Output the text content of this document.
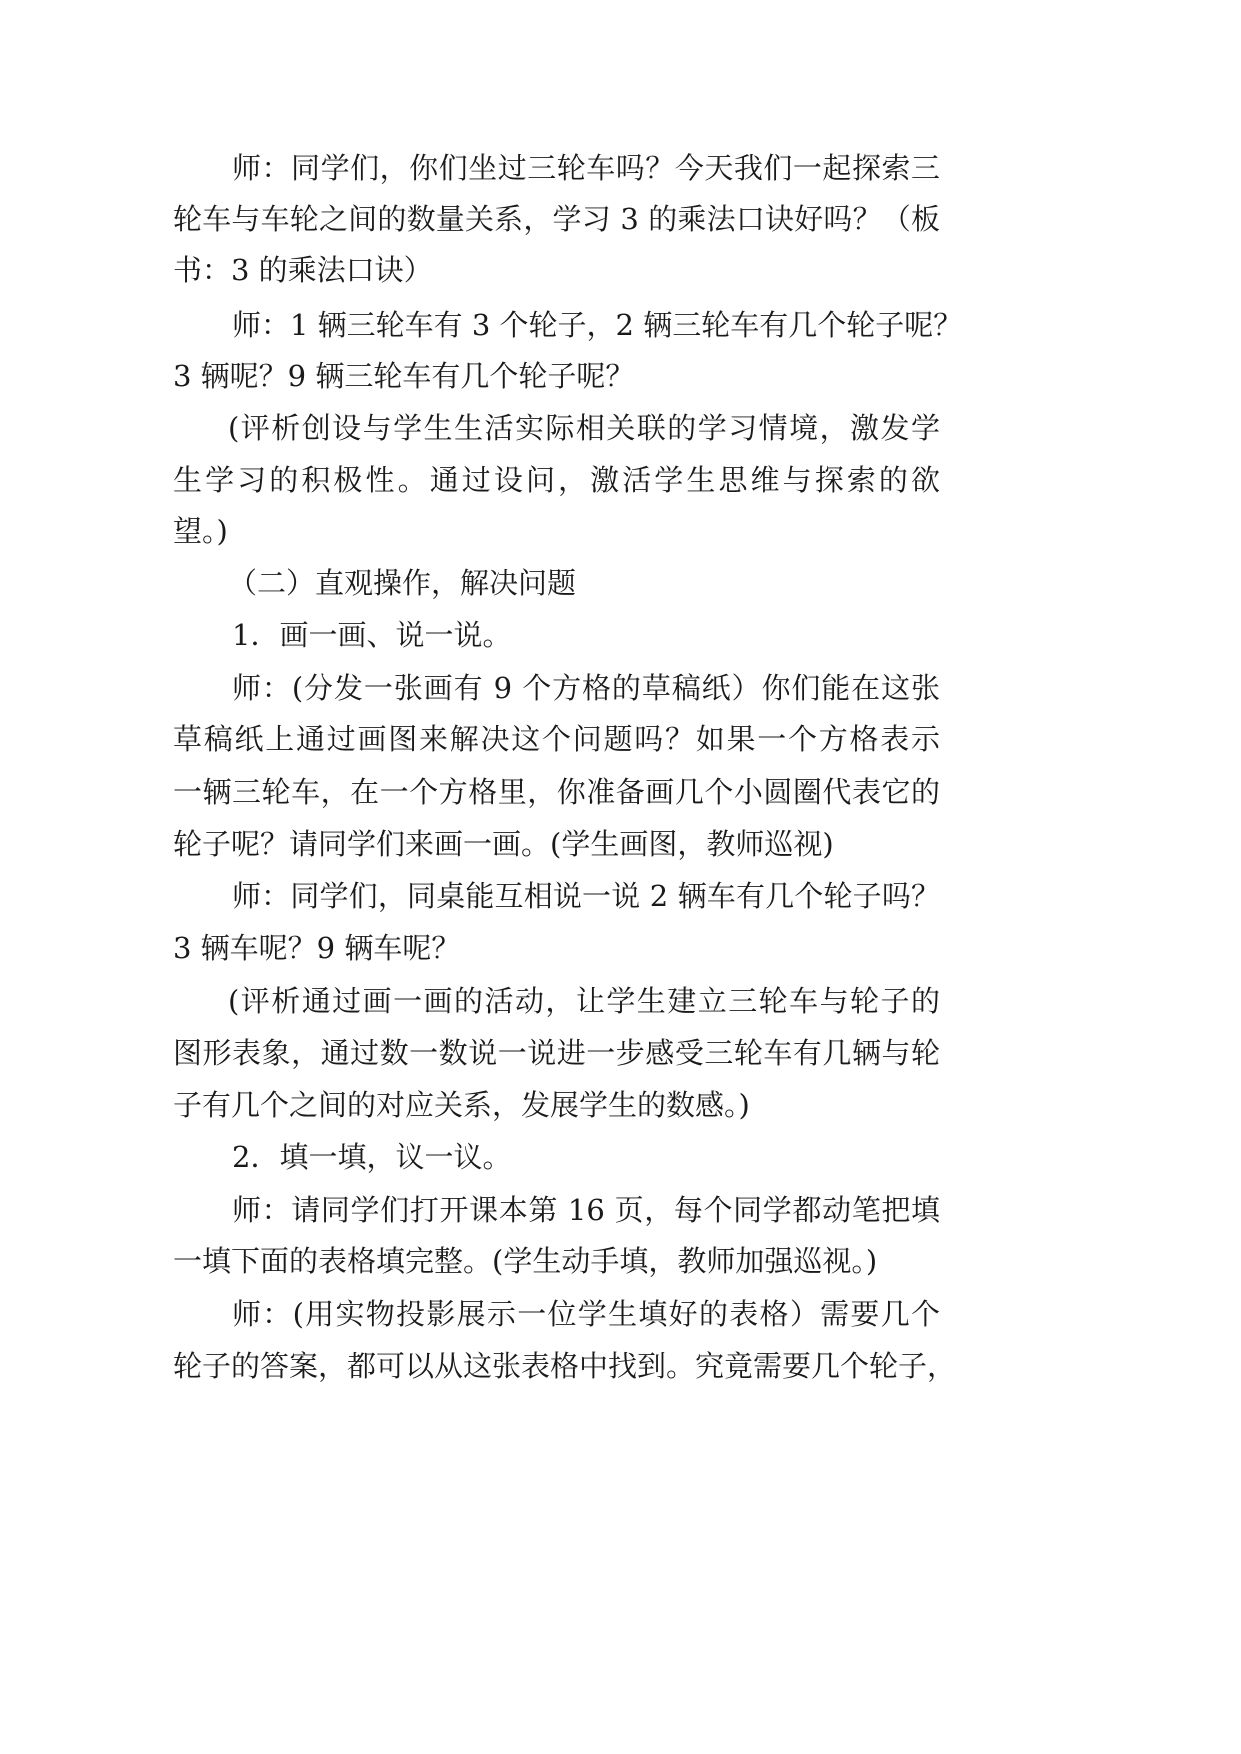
师：同学们，你们坐过三轮车吗？今天我们一起探索三
轮车与车轮之间的数量关系，学习 3 的乘法口诀好吗？（板
书：3 的乘法口诀）
师：1 辆三轮车有 3 个轮子，2 辆三轮车有几个轮子呢？
3 辆呢？9 辆三轮车有几个轮子呢？
(评析创设与学生生活实际相关联的学习情境，激发学
生学习的积极性。通过设问，激活学生思维与探索的欲
望。)
（二）直观操作，解决问题
1．画一画、说一说。
师：(分发一张画有 9 个方格的草稿纸）你们能在这张
草稿纸上通过画图来解决这个问题吗？如果一个方格表示
一辆三轮车，在一个方格里，你准备画几个小圆圈代表它的
轮子呢？请同学们来画一画。(学生画图，教师巡视)
师：同学们，同桌能互相说一说 2 辆车有几个轮子吗？
3 辆车呢？9 辆车呢？
(评析通过画一画的活动，让学生建立三轮车与轮子的
图形表象，通过数一数说一说进一步感受三轮车有几辆与轮
子有几个之间的对应关系，发展学生的数感。)
2．填一填，议一议。
师：请同学们打开课本第 16 页，每个同学都动笔把填
一填下面的表格填完整。(学生动手填，教师加强巡视。)
师：(用实物投影展示一位学生填好的表格）需要几个
轮子的答案，都可以从这张表格中找到。究竟需要几个轮子，
